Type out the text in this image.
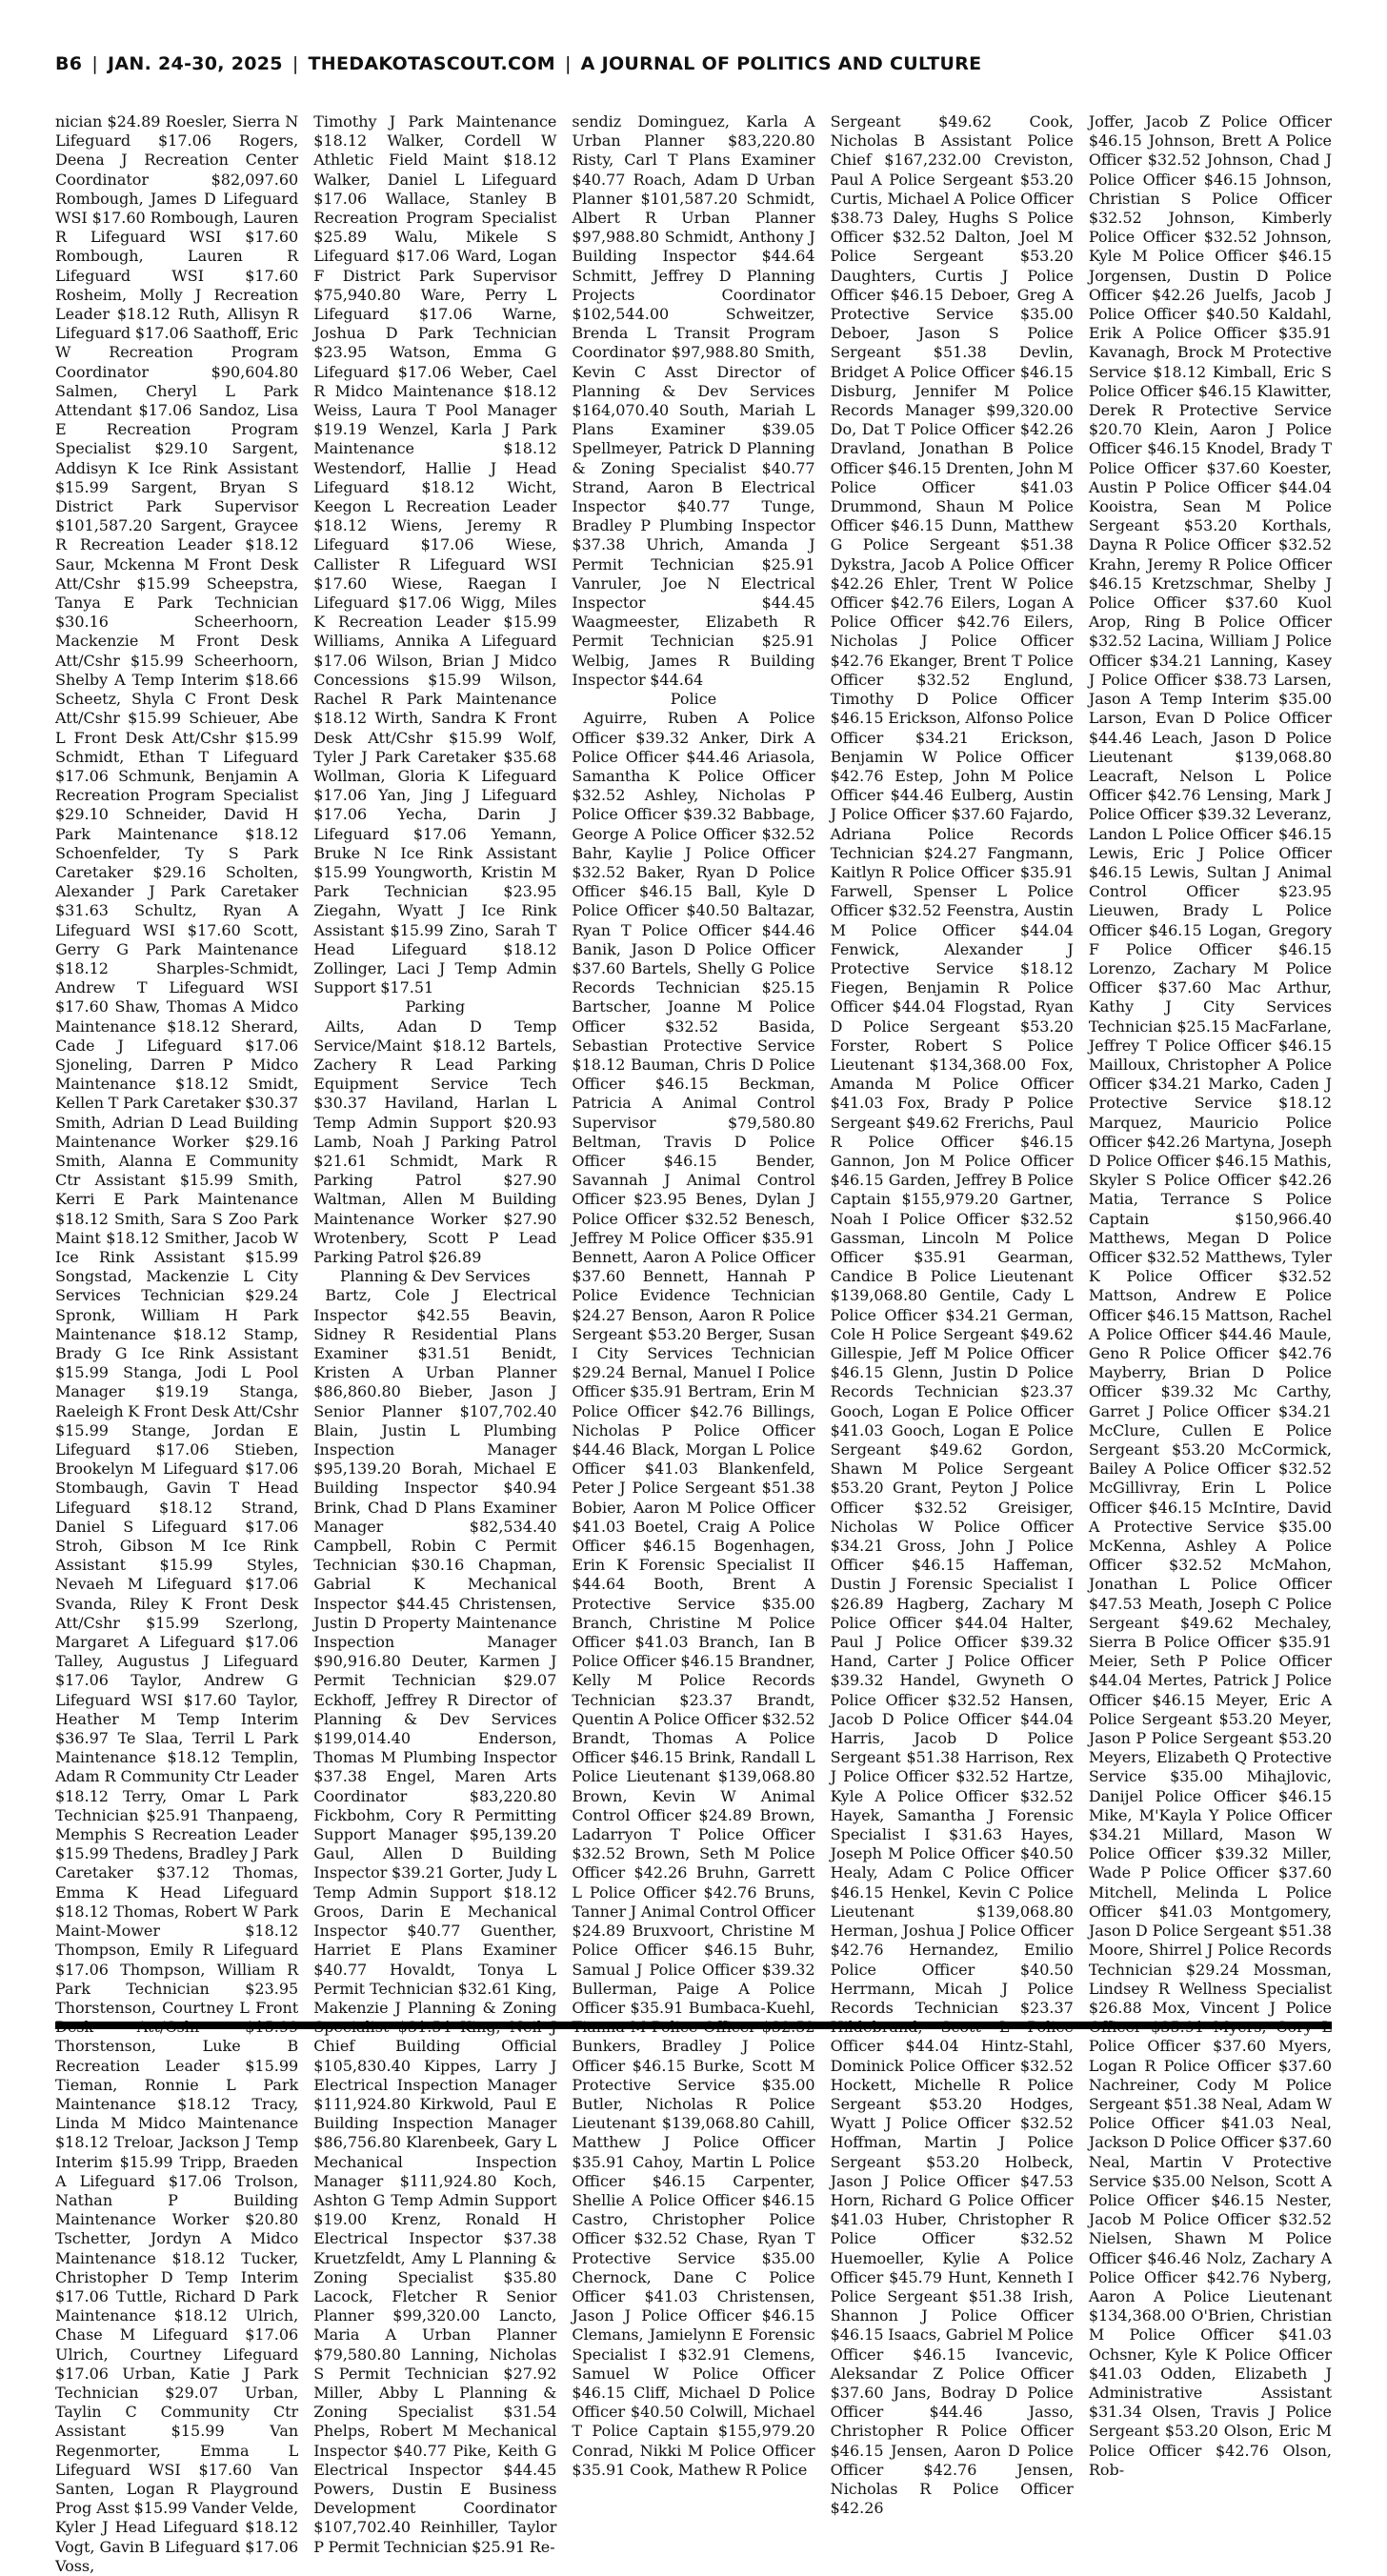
B6 | JAN. 24-30, 2025 | THEDAKOTASCOUT.COM | A JOURNAL OF POLITICS AND CULTURE

nician $24.89 Roesler, Sierra N Lifeguard $17.06 Rogers, Deena J Recreation Center Coordinator $82,097.60 Rombough, James D Lifeguard WSI $17.60 Rombough, Lauren R Lifeguard WSI $17.60 Rombough, Lauren R Lifeguard WSI $17.60 Rosheim, Molly J Recreation Leader $18.12 Ruth, Allisyn R Lifeguard $17.06 Saathoff, Eric W Recreation Program Coordinator $90,604.80 Salmen, Cheryl L Park Attendant $17.06 Sandoz, Lisa E Recreation Program Specialist $29.10 Sargent, Addisyn K Ice Rink Assistant $15.99 Sargent, Bryan S District Park Supervisor $101,587.20 Sargent, Graycee R Recreation Leader $18.12 Saur, Mckenna M Front Desk Att/Cshr $15.99 Scheepstra, Tanya E Park Technician $30.16 Scheerhoorn, Mackenzie M Front Desk Att/Cshr $15.99 Scheerhoorn, Shelby A Temp Interim $18.66 Scheetz, Shyla C Front Desk Att/Cshr $15.99 Schieuer, Abe L Front Desk Att/Cshr $15.99 Schmidt, Ethan T Lifeguard $17.06 Schmunk, Benjamin A Recreation Program Specialist $29.10 Schneider, David H Park Maintenance $18.12 Schoenfelder, Ty S Park Caretaker $29.16 Scholten, Alexander J Park Caretaker $31.63 Schultz, Ryan A Lifeguard WSI $17.60 Scott, Gerry G Park Maintenance $18.12 Sharples-Schmidt, Andrew T Lifeguard WSI $17.60 Shaw, Thomas A Midco Maintenance $18.12 Sherard, Cade J Lifeguard $17.06 Sjoneling, Darren P Midco Maintenance $18.12 Smidt, Kellen T Park Caretaker $30.37 Smith, Adrian D Lead Building Maintenance Worker $29.16 Smith, Alanna E Community Ctr Assistant $15.99 Smith, Kerri E Park Maintenance $18.12 Smith, Sara S Zoo Park Maint $18.12 Smither, Jacob W Ice Rink Assistant $15.99 Songstad, Mackenzie L City Services Technician $29.24 Spronk, William H Park Maintenance $18.12 Stamp, Brady G Ice Rink Assistant $15.99 Stanga, Jodi L Pool Manager $19.19 Stanga, Raeleigh K Front Desk Att/Cshr $15.99 Stange, Jordan E Lifeguard $17.06 Stieben, Brookelyn M Lifeguard $17.06 Stombaugh, Gavin T Head Lifeguard $18.12 Strand, Daniel S Lifeguard $17.06 Stroh, Gibson M Ice Rink Assistant $15.99 Styles, Nevaeh M Lifeguard $17.06 Svanda, Riley K Front Desk Att/Cshr $15.99 Szerlong, Margaret A Lifeguard $17.06 Talley, Augustus J Lifeguard $17.06 Taylor, Andrew G Lifeguard WSI $17.60 Taylor, Heather M Temp Interim $36.97 Te Slaa, Terril L Park Maintenance $18.12 Templin, Adam R Community Ctr Leader $18.12 Terry, Omar L Park Technician $25.91 Thanpaeng, Memphis S Recreation Leader $15.99 Thedens, Bradley J Park Caretaker $37.12 Thomas, Emma K Head Lifeguard $18.12 Thomas, Robert W Park Maint-Mower $18.12 Thompson, Emily R Lifeguard $17.06 Thompson, William R Park Technician $23.95 Thorstenson, Courtney L Front Thorstenson, Luke B Recreation Leader $15.99 Tieman, Ronnie L Park Maintenance $18.12 Tracy, Linda M Midco Maintenance $18.12 Treloar, Jackson J Temp Interim $15.99 Tripp, Braeden A Lifeguard $17.06 Trolson, Nathan P Building Maintenance Worker $20.80 Tschetter, Jordyn A Midco Maintenance $18.12 Tucker, Christopher D Temp Interim $17.06 Tuttle, Richard D Park Maintenance $18.12 Ulrich, Chase M Lifeguard $17.06 Ulrich, Courtney Lifeguard $17.06 Urban, Katie J Park Technician $29.07 Urban, Taylin C Community Ctr Assistant $15.99 Van Regenmorter, Emma L Lifeguard WSI $17.60 Van Santen, Logan R Playground Prog Asst $15.99 Vander Velde, Kyler J Head Lifeguard $18.12 Vogt, Gavin B Lifeguard $17.06 Voss,

Timothy J Park Maintenance $18.12 Walker, Cordell W Athletic Field Maint $18.12 Walker, Daniel L Lifeguard $17.06 Wallace, Stanley B Recreation Program Specialist $25.89 Walu, Mikele S Lifeguard $17.06 Ward, Logan F District Park Supervisor $75,940.80 Ware, Perry L Lifeguard $17.06 Warne, Joshua D Park Technician $23.95 Watson, Emma G Lifeguard $17.06 Weber, Cael R Midco Maintenance $18.12 Weiss, Laura T Pool Manager $19.19 Wenzel, Karla J Park Maintenance $18.12 Westendorf, Hallie J Head Lifeguard $18.12 Wicht, Keegon L Recreation Leader $18.12 Wiens, Jeremy R Lifeguard $17.06 Wiese, Callister R Lifeguard WSI $17.60 Wiese, Raegan I Lifeguard $17.06 Wigg, Miles K Recreation Leader $15.99 Williams, Annika A Lifeguard $17.06 Wilson, Brian J Midco Concessions $15.99 Wilson, Rachel R Park Maintenance $18.12 Wirth, Sandra K Front Desk Att/Cshr $15.99 Wolf, Tyler J Park Caretaker $35.68 Wollman, Gloria K Lifeguard $17.06 Yan, Jing J Lifeguard $17.06 Yecha, Darin J Lifeguard $17.06 Yemann, Bruke N Ice Rink Assistant $15.99 Youngworth, Kristin M Park Technician $23.95 Ziegahn, Wyatt J Ice Rink Assistant $15.99 Zino, Sarah T Head Lifeguard $18.12 Zollinger, Laci J Temp Admin Support $17.51

Parking

Ailts, Adan D Temp Service/Maint $18.12 Bartels, Zachery R Lead Parking Equipment Service Tech $30.37 Haviland, Harlan L Temp Admin Support $20.93 Lamb, Noah J Parking Patrol $21.61 Schmidt, Mark R Parking Patrol $27.90 Waltman, Allen M Building Maintenance Worker $27.90 Wrotenbery, Scott P Lead Parking Patrol $26.89

Planning & Dev Services

Bartz, Cole J Electrical Inspector $42.55 Beavin, Sidney R Residential Plans Examiner $31.51 Benidt, Kristen A Urban Planner $86,860.80 Bieber, Jason J Senior Planner $107,702.40 Blain, Justin L Plumbing Inspection Manager $95,139.20 Borah, Michael E Building Inspector $40.94 Brink, Chad D Plans Examiner Manager $82,534.40 Campbell, Robin C Permit Technician $30.16 Chapman, Gabrial K Mechanical Inspector $44.45 Christensen, Justin D Property Maintenance Inspection Manager $90,916.80 Deuter, Karmen J Permit Technician $29.07 Eckhoff, Jeffrey R Director of Planning & Dev Services $199,014.40 Enderson, Thomas M Plumbing Inspector $37.38 Engel, Maren Arts Coordinator $83,220.80 Fickbohm, Cory R Permitting Support Manager $95,139.20 Gaul, Allen D Building Inspector $39.21 Gorter, Judy L Temp Admin Support $18.12 Groos, Darin E Mechanical Inspector $40.77 Guenther, Harriet E Plans Examiner $40.77 Hovaldt, Tonya L Permit Technician $32.61 King, Makenzie J Planning & Zoning Chief Building Official $105,830.40 Kippes, Larry J Electrical Inspection Manager $111,924.80 Kirkwold, Paul E Building Inspection Manager $86,756.80 Klarenbeek, Gary L Mechanical Inspection Manager $111,924.80 Koch, Ashton G Temp Admin Support $19.00 Krenz, Ronald H Electrical Inspector $37.38 Kruetzfeldt, Amy L Planning & Zoning Specialist $35.80 Lacock, Fletcher R Senior Planner $99,320.00 Lancto, Maria A Urban Planner $79,580.80 Lanning, Nicholas S Permit Technician $27.92 Miller, Abby L Planning & Zoning Specialist $31.54 Phelps, Robert M Mechanical Inspector $40.77 Pike, Keith G Electrical Inspector $44.45 Powers, Dustin E Business Development Coordinator $107,702.40 Reinhiller, Taylor P Permit Technician $25.91 Re-

sendiz Dominguez, Karla A Urban Planner $83,220.80 Risty, Carl T Plans Examiner $40.77 Roach, Adam D Urban Planner $101,587.20 Schmidt, Albert R Urban Planner $97,988.80 Schmidt, Anthony J Building Inspector $44.64 Schmitt, Jeffrey D Planning Projects Coordinator $102,544.00 Schweitzer, Brenda L Transit Program Coordinator $97,988.80 Smith, Kevin C Asst Director of Planning & Dev Services $164,070.40 South, Mariah L Plans Examiner $39.05 Spellmeyer, Patrick D Planning & Zoning Specialist $40.77 Strand, Aaron B Electrical Inspector $40.77 Tunge, Bradley P Plumbing Inspector $37.38 Uhrich, Amanda J Permit Technician $25.91 Vanruler, Joe N Electrical Inspector $44.45 Waagmeester, Elizabeth R Permit Technician $25.91 Welbig, James R Building Inspector $44.64

Police

Aguirre, Ruben A Police Officer $39.32 Anker, Dirk A Police Officer $44.46 Ariasola, Samantha K Police Officer $32.52 Ashley, Nicholas P Police Officer $39.32 Babbage, George A Police Officer $32.52 Bahr, Kaylie J Police Officer $32.52 Baker, Ryan D Police Officer $46.15 Ball, Kyle D Police Officer $40.50 Baltazar, Ryan T Police Officer $44.46 Banik, Jason D Police Officer $37.60 Bartels, Shelly G Police Records Technician $25.15 Bartscher, Joanne M Police Officer $32.52 Basida, Sebastian Protective Service $18.12 Bauman, Chris D Police Officer $46.15 Beckman, Patricia A Animal Control Supervisor $79,580.80 Beltman, Travis D Police Officer $46.15 Bender, Savannah J Animal Control Officer $23.95 Benes, Dylan J Police Officer $32.52 Benesch, Jeffrey M Police Officer $35.91 Bennett, Aaron A Police Officer $37.60 Bennett, Hannah P Police Evidence Technician $24.27 Benson, Aaron R Police Sergeant $53.20 Berger, Susan I City Services Technician $29.24 Bernal, Manuel I Police Officer $35.91 Bertram, Erin M Police Officer $42.76 Billings, Nicholas P Police Officer $44.46 Black, Morgan L Police Officer $41.03 Blankenfeld, Peter J Police Sergeant $51.38 Bobier, Aaron M Police Officer $41.03 Boetel, Craig A Police Officer $46.15 Bogenhagen, Erin K Forensic Specialist II $44.64 Booth, Brent A Protective Service $35.00 Branch, Christine M Police Officer $41.03 Branch, Ian B Police Officer $46.15 Brandner, Kelly M Police Records Technician $23.37 Brandt, Quentin A Police Officer $32.52 Brandt, Thomas A Police Officer $46.15 Brink, Randall L Police Lieutenant $139,068.80 Brown, Kevin W Animal Control Officer $24.89 Brown, Ladarryon T Police Officer $32.52 Brown, Seth M Police Officer $42.26 Bruhn, Garrett L Police Officer $42.76 Bruns, Tanner J Animal Control Officer $24.89 Bruxvoort, Christine M Police Officer $46.15 Buhr, Samual J Police Officer $39.32 Bullerman, Paige A Police Officer $35.91 Bumbaca-Kuehl, Bunkers, Bradley J Police Officer $46.15 Burke, Scott M Protective Service $35.00 Butler, Nicholas R Police Lieutenant $139,068.80 Cahill, Matthew J Police Officer $35.91 Cahoy, Martin L Police Officer $46.15 Carpenter, Shellie A Police Officer $46.15 Castro, Christopher Police Officer $32.52 Chase, Ryan T Protective Service $35.00 Chernock, Dane C Police Officer $41.03 Christensen, Jason J Police Officer $46.15 Clemans, Jamielynn E Forensic Specialist I $32.91 Clemens, Samuel W Police Officer $46.15 Cliff, Michael D Police Officer $40.50 Colwill, Michael T Police Captain $155,979.20 Conrad, Nikki M Police Officer $35.91 Cook, Mathew R Police

Sergeant $49.62 Cook, Nicholas B Assistant Police Chief $167,232.00 Creviston, Paul A Police Sergeant $53.20 Curtis, Michael A Police Officer $38.73 Daley, Hughs S Police Officer $32.52 Dalton, Joel M Police Sergeant $53.20 Daughters, Curtis J Police Officer $46.15 Deboer, Greg A Protective Service $35.00 Deboer, Jason S Police Sergeant $51.38 Devlin, Bridget A Police Officer $46.15 Disburg, Jennifer M Police Records Manager $99,320.00 Do, Dat T Police Officer $42.26 Dravland, Jonathan B Police Officer $46.15 Drenten, John M Police Officer $41.03 Drummond, Shaun M Police Officer $46.15 Dunn, Matthew G Police Sergeant $51.38 Dykstra, Jacob A Police Officer $42.26 Ehler, Trent W Police Officer $42.76 Eilers, Logan A Police Officer $42.76 Eilers, Nicholas J Police Officer $42.76 Ekanger, Brent T Police Officer $32.52 Englund, Timothy D Police Officer $46.15 Erickson, Alfonso Police Officer $34.21 Erickson, Benjamin W Police Officer $42.76 Estep, John M Police Officer $44.46 Eulberg, Austin J Police Officer $37.60 Fajardo, Adriana Police Records Technician $24.27 Fangmann, Kaitlyn R Police Officer $35.91 Farwell, Spenser L Police Officer $32.52 Feenstra, Austin M Police Officer $44.04 Fenwick, Alexander J Protective Service $18.12 Fiegen, Benjamin R Police Officer $44.04 Flogstad, Ryan D Police Sergeant $53.20 Forster, Robert S Police Lieutenant $134,368.00 Fox, Amanda M Police Officer $41.03 Fox, Brady P Police Sergeant $49.62 Frerichs, Paul R Police Officer $46.15 Gannon, Jon M Police Officer $46.15 Garden, Jeffrey B Police Captain $155,979.20 Gartner, Noah I Police Officer $32.52 Gassman, Lincoln M Police Officer $35.91 Gearman, Candice B Police Lieutenant $139,068.80 Gentile, Cady L Police Officer $34.21 German, Cole H Police Sergeant $49.62 Gillespie, Jeff M Police Officer $46.15 Glenn, Justin D Police Records Technician $23.37 Gooch, Logan E Police Officer $41.03 Gooch, Logan E Police Sergeant $49.62 Gordon, Shawn M Police Sergeant $53.20 Grant, Peyton J Police Officer $32.52 Greisiger, Nicholas W Police Officer $34.21 Gross, John J Police Officer $46.15 Haffeman, Dustin J Forensic Specialist I $26.89 Hagberg, Zachary M Police Officer $44.04 Halter, Paul J Police Officer $39.32 Hand, Carter J Police Officer $39.32 Handel, Gwyneth O Police Officer $32.52 Hansen, Jacob D Police Officer $44.04 Harris, Jacob D Police Sergeant $51.38 Harrison, Rex J Police Officer $32.52 Hartze, Kyle A Police Officer $32.52 Hayek, Samantha J Forensic Specialist I $31.63 Hayes, Joseph M Police Officer $40.50 Healy, Adam C Police Officer $46.15 Henkel, Kevin C Police Lieutenant $139,068.80 Herman, Joshua J Police Officer $42.76 Hernandez, Emilio Police Officer $40.50 Herrmann, Micah J Police Records Technician $23.37 Officer $44.04 Hintz-Stahl, Dominick Police Officer $32.52 Hockett, Michelle R Police Sergeant $53.20 Hodges, Wyatt J Police Officer $32.52 Hoffman, Martin J Police Sergeant $53.20 Holbeck, Jason J Police Officer $47.53 Horn, Richard G Police Officer $41.03 Huber, Christopher R Police Officer $32.52 Huemoeller, Kylie A Police Officer $45.79 Hunt, Kenneth I Police Sergeant $51.38 Irish, Shannon J Police Officer $46.15 Isaacs, Gabriel M Police Officer $46.15 Ivancevic, Aleksandar Z Police Officer $37.60 Jans, Bodray D Police Officer $44.46 Jasso, Christopher R Police Officer $46.15 Jensen, Aaron D Police Officer $42.76 Jensen, Nicholas R Police Officer $42.26

Joffer, Jacob Z Police Officer $46.15 Johnson, Brett A Police Officer $32.52 Johnson, Chad J Police Officer $46.15 Johnson, Christian S Police Officer $32.52 Johnson, Kimberly Police Officer $32.52 Johnson, Kyle M Police Officer $46.15 Jorgensen, Dustin D Police Officer $42.26 Juelfs, Jacob J Police Officer $40.50 Kaldahl, Erik A Police Officer $35.91 Kavanagh, Brock M Protective Service $18.12 Kimball, Eric S Police Officer $46.15 Klawitter, Derek R Protective Service $20.70 Klein, Aaron J Police Officer $46.15 Knodel, Brady T Police Officer $37.60 Koester, Austin P Police Officer $44.04 Kooistra, Sean M Police Sergeant $53.20 Korthals, Dayna R Police Officer $32.52 Krahn, Jeremy R Police Officer $46.15 Kretzschmar, Shelby J Police Officer $37.60 Kuol Arop, Ring B Police Officer $32.52 Lacina, William J Police Officer $34.21 Lanning, Kasey J Police Officer $38.73 Larsen, Jason A Temp Interim $35.00 Larson, Evan D Police Officer $44.46 Leach, Jason D Police Lieutenant $139,068.80 Leacraft, Nelson L Police Officer $42.76 Lensing, Mark J Police Officer $39.32 Leveranz, Landon L Police Officer $46.15 Lewis, Eric J Police Officer $46.15 Lewis, Sultan J Animal Control Officer $23.95 Lieuwen, Brady L Police Officer $46.15 Logan, Gregory F Police Officer $46.15 Lorenzo, Zachary M Police Officer $37.60 Mac Arthur, Kathy J City Services Technician $25.15 MacFarlane, Jeffrey T Police Officer $46.15 Mailloux, Christopher A Police Officer $34.21 Marko, Caden J Protective Service $18.12 Marquez, Mauricio Police Officer $42.26 Martyna, Joseph D Police Officer $46.15 Mathis, Skyler S Police Officer $42.26 Matia, Terrance S Police Captain $150,966.40 Matthews, Megan D Police Officer $32.52 Matthews, Tyler K Police Officer $32.52 Mattson, Andrew E Police Officer $46.15 Mattson, Rachel A Police Officer $44.46 Maule, Geno R Police Officer $42.76 Mayberry, Brian D Police Officer $39.32 Mc Carthy, Garret J Police Officer $34.21 McClure, Cullen E Police Sergeant $53.20 McCormick, Bailey A Police Officer $32.52 McGillivray, Erin L Police Officer $46.15 McIntire, David A Protective Service $35.00 McKenna, Ashley A Police Officer $32.52 McMahon, Jonathan L Police Officer $47.53 Meath, Joseph C Police Sergeant $49.62 Mechaley, Sierra B Police Officer $35.91 Meier, Seth P Police Officer $44.04 Mertes, Patrick J Police Officer $46.15 Meyer, Eric A Police Sergeant $53.20 Meyer, Jason P Police Sergeant $53.20 Meyers, Elizabeth Q Protective Service $35.00 Mihajlovic, Danijel Police Officer $46.15 Mike, M'Kayla Y Police Officer $34.21 Millard, Mason W Police Officer $39.32 Miller, Wade P Police Officer $37.60 Mitchell, Melinda L Police Officer $41.03 Montgomery, Jason D Police Sergeant $51.38 Moore, Shirrel J Police Records Technician $29.24 Mossman, Lindsey R Wellness Specialist $26.88 Mox, Vincent J Police Police Officer $37.60 Myers, Logan R Police Officer $37.60 Nachreiner, Cody M Police Sergeant $51.38 Neal, Adam W Police Officer $41.03 Neal, Jackson D Police Officer $37.60 Neal, Martin V Protective Service $35.00 Nelson, Scott A Police Officer $46.15 Nester, Jacob M Police Officer $32.52 Nielsen, Shawn M Police Officer $46.46 Nolz, Zachary A Police Officer $42.76 Nyberg, Aaron A Police Lieutenant $134,368.00 O'Brien, Christian M Police Officer $41.03 Ochsner, Kyle K Police Officer $41.03 Odden, Elizabeth J Administrative Assistant $31.34 Olsen, Travis J Police Sergeant $53.20 Olson, Eric M Police Officer $42.76 Olson, Rob-
